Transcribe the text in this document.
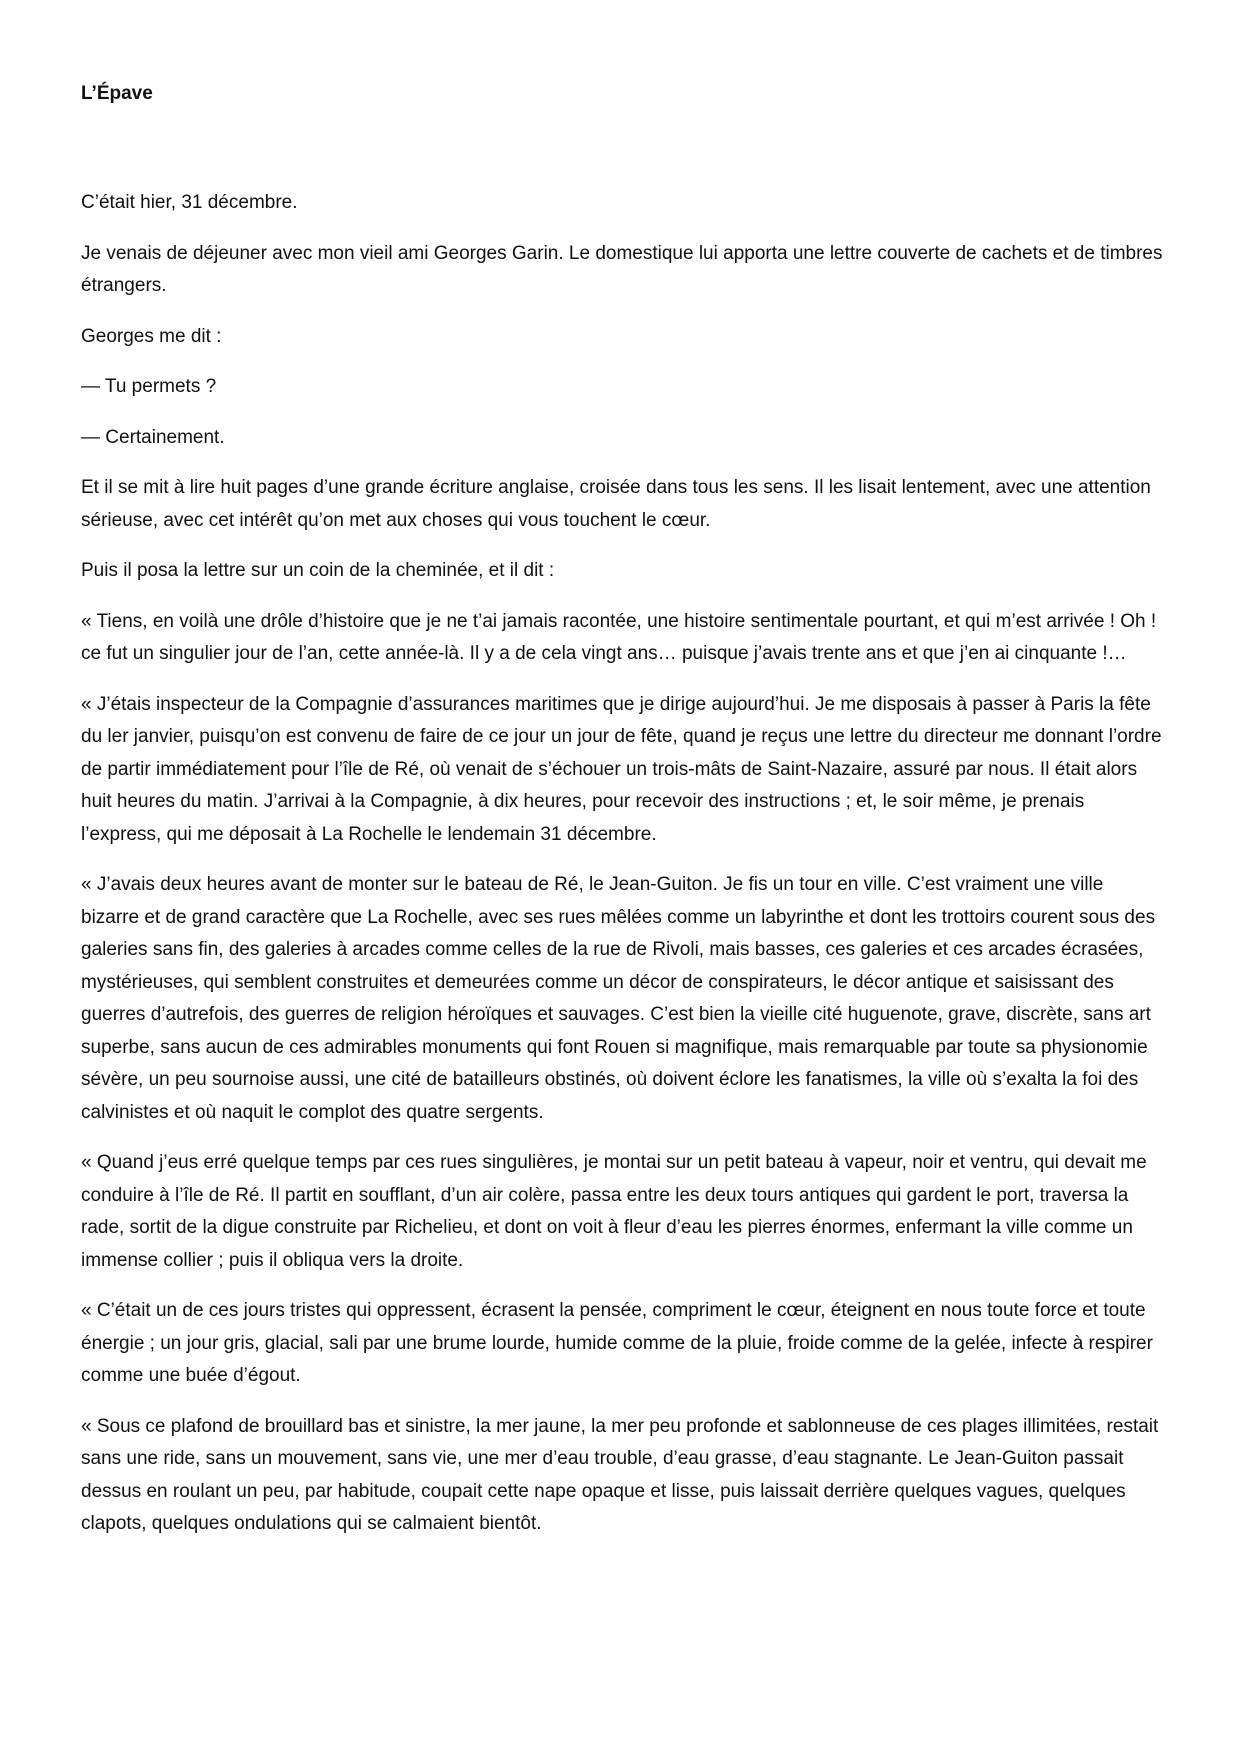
L’Épave

C’était hier, 31 décembre.

Je venais de déjeuner avec mon vieil ami Georges Garin. Le domestique lui apporta une lettre couverte de cachets et de timbres étrangers.

Georges me dit :

— Tu permets ?

— Certainement.

Et il se mit à lire huit pages d’une grande écriture anglaise, croisée dans tous les sens. Il les lisait lentement, avec une attention sérieuse, avec cet intérêt qu’on met aux choses qui vous touchent le cœur.

Puis il posa la lettre sur un coin de la cheminée, et il dit :

« Tiens, en voilà une drôle d’histoire que je ne t’ai jamais racontée, une histoire sentimentale pourtant, et qui m’est arrivée ! Oh ! ce fut un singulier jour de l’an, cette année-là. Il y a de cela vingt ans… puisque j’avais trente ans et que j’en ai cinquante !…

« J’étais inspecteur de la Compagnie d’assurances maritimes que je dirige aujourd’hui. Je me disposais à passer à Paris la fête du ler janvier, puisqu’on est convenu de faire de ce jour un jour de fête, quand je reçus une lettre du directeur me donnant l’ordre de partir immédiatement pour l’île de Ré, où venait de s’échouer un trois-mâts de Saint-Nazaire, assuré par nous. Il était alors huit heures du matin. J’arrivai à la Compagnie, à dix heures, pour recevoir des instructions ; et, le soir même, je prenais l’express, qui me déposait à La Rochelle le lendemain 31 décembre.

« J’avais deux heures avant de monter sur le bateau de Ré, le Jean-Guiton. Je fis un tour en ville. C’est vraiment une ville bizarre et de grand caractère que La Rochelle, avec ses rues mêlées comme un labyrinthe et dont les trottoirs courent sous des galeries sans fin, des galeries à arcades comme celles de la rue de Rivoli, mais basses, ces galeries et ces arcades écrasées, mystérieuses, qui semblent construites et demeurées comme un décor de conspirateurs, le décor antique et saisissant des guerres d’autrefois, des guerres de religion héroïques et sauvages. C’est bien la vieille cité huguenote, grave, discrète, sans art superbe, sans aucun de ces admirables monuments qui font Rouen si magnifique, mais remarquable par toute sa physionomie sévère, un peu sournoise aussi, une cité de batailleurs obstinés, où doivent éclore les fanatismes, la ville où s’exalta la foi des calvinistes et où naquit le complot des quatre sergents.

« Quand j’eus erré quelque temps par ces rues singulières, je montai sur un petit bateau à vapeur, noir et ventru, qui devait me conduire à l’île de Ré. Il partit en soufflant, d’un air colère, passa entre les deux tours antiques qui gardent le port, traversa la rade, sortit de la digue construite par Richelieu, et dont on voit à fleur d’eau les pierres énormes, enfermant la ville comme un immense collier ; puis il obliqua vers la droite.

« C’était un de ces jours tristes qui oppressent, écrasent la pensée, compriment le cœur, éteignent en nous toute force et toute énergie ; un jour gris, glacial, sali par une brume lourde, humide comme de la pluie, froide comme de la gelée, infecte à respirer comme une buée d’égout.

« Sous ce plafond de brouillard bas et sinistre, la mer jaune, la mer peu profonde et sablonneuse de ces plages illimitées, restait sans une ride, sans un mouvement, sans vie, une mer d’eau trouble, d’eau grasse, d’eau stagnante. Le Jean-Guiton passait dessus en roulant un peu, par habitude, coupait cette nape opaque et lisse, puis laissait derrière quelques vagues, quelques clapots, quelques ondulations qui se calmaient bientôt.
